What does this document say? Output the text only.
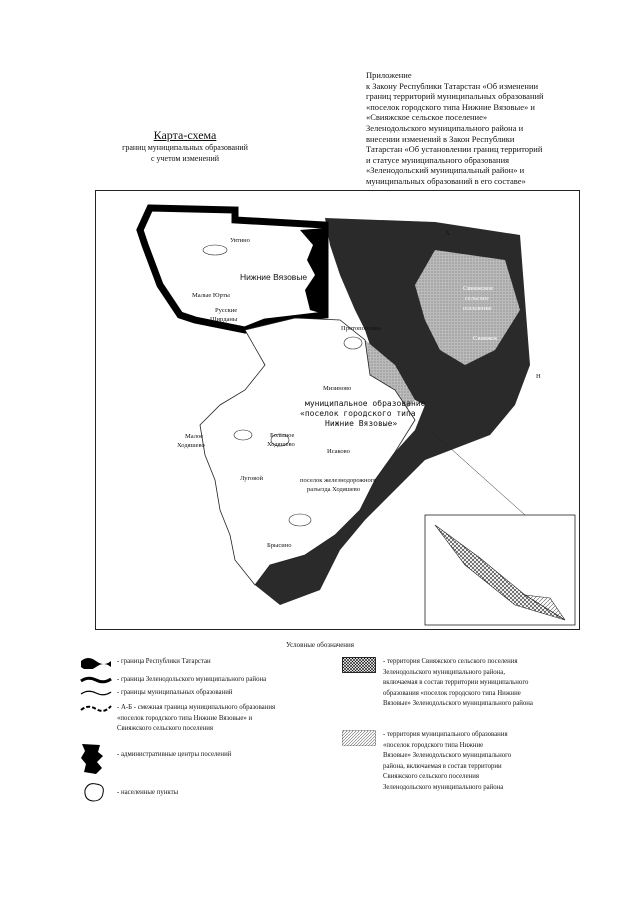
Приложение
к Закону Республики Татарстан «Об изменении
границ территорий муниципальных образований
«поселок городского типа Нижние Вязовые» и
«Свияжское сельское поселение»
Зеленодольского муниципального района и
внесении изменений в Закон Республики
Татарстан «Об установлении границ территорий
и статусе муниципального образования
«Зеленодольский муниципальный район» и
муниципальных образований в его составе»
Карта-схема
границ муниципальных образований
с учетом изменений
Увтино
Нижние Вязовые
Малые Юрты
Русские
Ширданы
Протопоповка
Мизиново
муниципальное образование
«поселок городского типа
Нижние Вязовые»
Малое
Ходяшево
Большое
Ходяшево
Исаково
Луговой	поселок железнодорожного
разъезда Ходяшево
Брысино
Свияжское
сельское
поселение
Свияжск
А
Н
Условные обозначения
- граница Республики Татарстан
- граница Зеленодольского муниципального района
- границы муниципальных образований
- А-Б - смежная граница муниципального образования
«поселок городского типа Нижние Вязовые» и
Свияжского сельского поселения
- административные центры поселений
- населенные пункты
- территория Свияжского сельского поселения
Зеленодольского муниципального района,
включаемая в состав территории муниципального
образования «поселок городского типа Нижние
Вязовые» Зеленодольского муниципального района
- территория муниципального образования
«поселок городского типа Нижние
Вязовые» Зеленодольского муниципального
района, включаемая в состав территории
Свияжского сельского поселения
Зеленодольского муниципального района
